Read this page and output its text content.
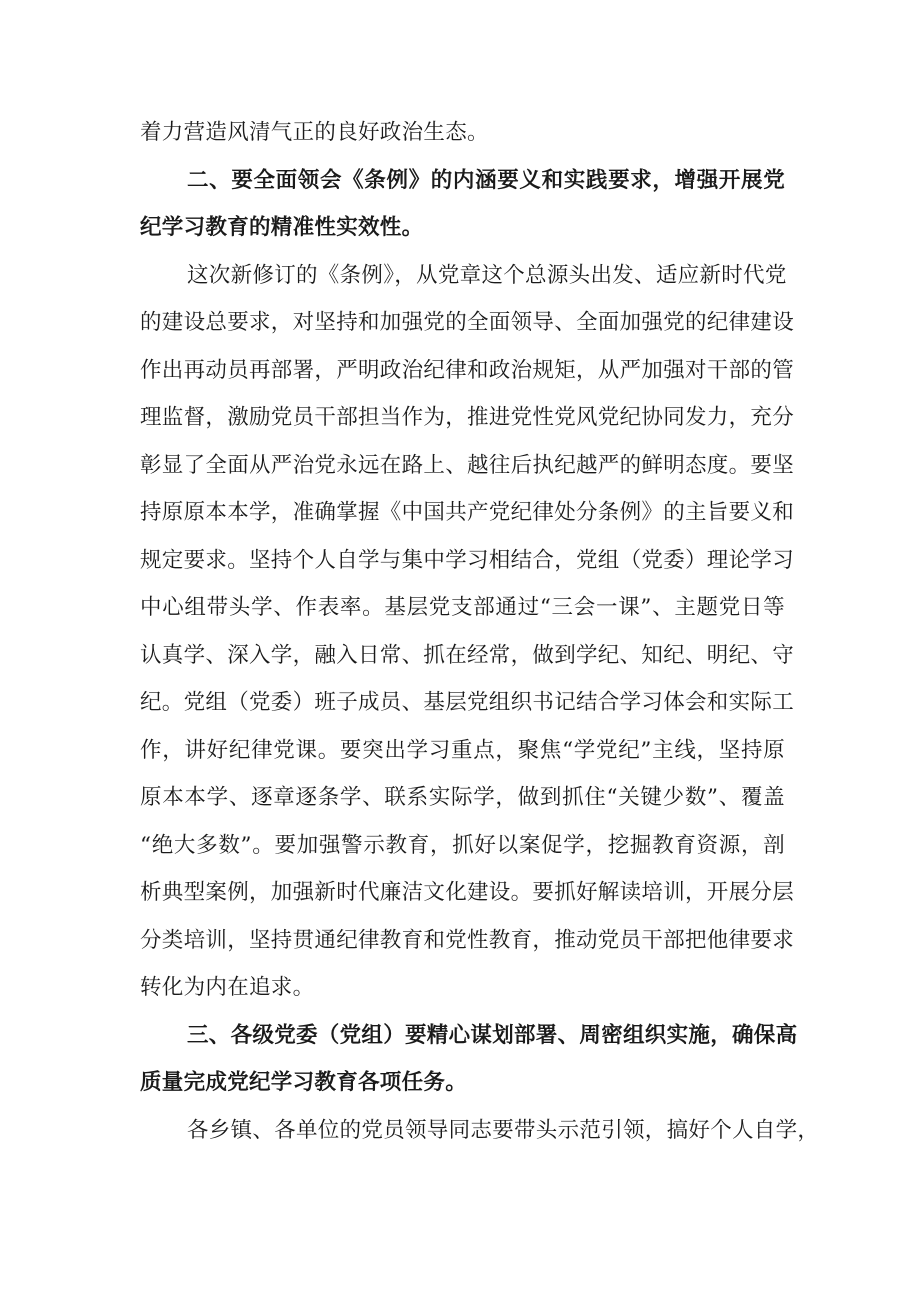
着力营造风清气正的良好政治生态。
二、要全面领会《条例》的内涵要义和实践要求，增强开展党
纪学习教育的精准性实效性。
这次新修订的《条例》，从党章这个总源头出发、适应新时代党
的建设总要求，对坚持和加强党的全面领导、全面加强党的纪律建设
作出再动员再部署，严明政治纪律和政治规矩，从严加强对干部的管
理监督，激励党员干部担当作为，推进党性党风党纪协同发力，充分
彰显了全面从严治党永远在路上、越往后执纪越严的鲜明态度。要坚
持原原本本学，准确掌握《中国共产党纪律处分条例》的主旨要义和
规定要求。坚持个人自学与集中学习相结合，党组（党委）理论学习
中心组带头学、作表率。基层党支部通过“三会一课”、主题党日等
认真学、深入学，融入日常、抓在经常，做到学纪、知纪、明纪、守
纪。党组（党委）班子成员、基层党组织书记结合学习体会和实际工
作，讲好纪律党课。要突出学习重点，聚焦“学党纪”主线，坚持原
原本本学、逐章逐条学、联系实际学，做到抓住“关键少数”、覆盖
“绝大多数”。要加强警示教育，抓好以案促学，挖掘教育资源，剖
析典型案例，加强新时代廉洁文化建设。要抓好解读培训，开展分层
分类培训，坚持贯通纪律教育和党性教育，推动党员干部把他律要求
转化为内在追求。
三、各级党委（党组）要精心谋划部署、周密组织实施，确保高
质量完成党纪学习教育各项任务。
各乡镇、各单位的党员领导同志要带头示范引领，搞好个人自学，
